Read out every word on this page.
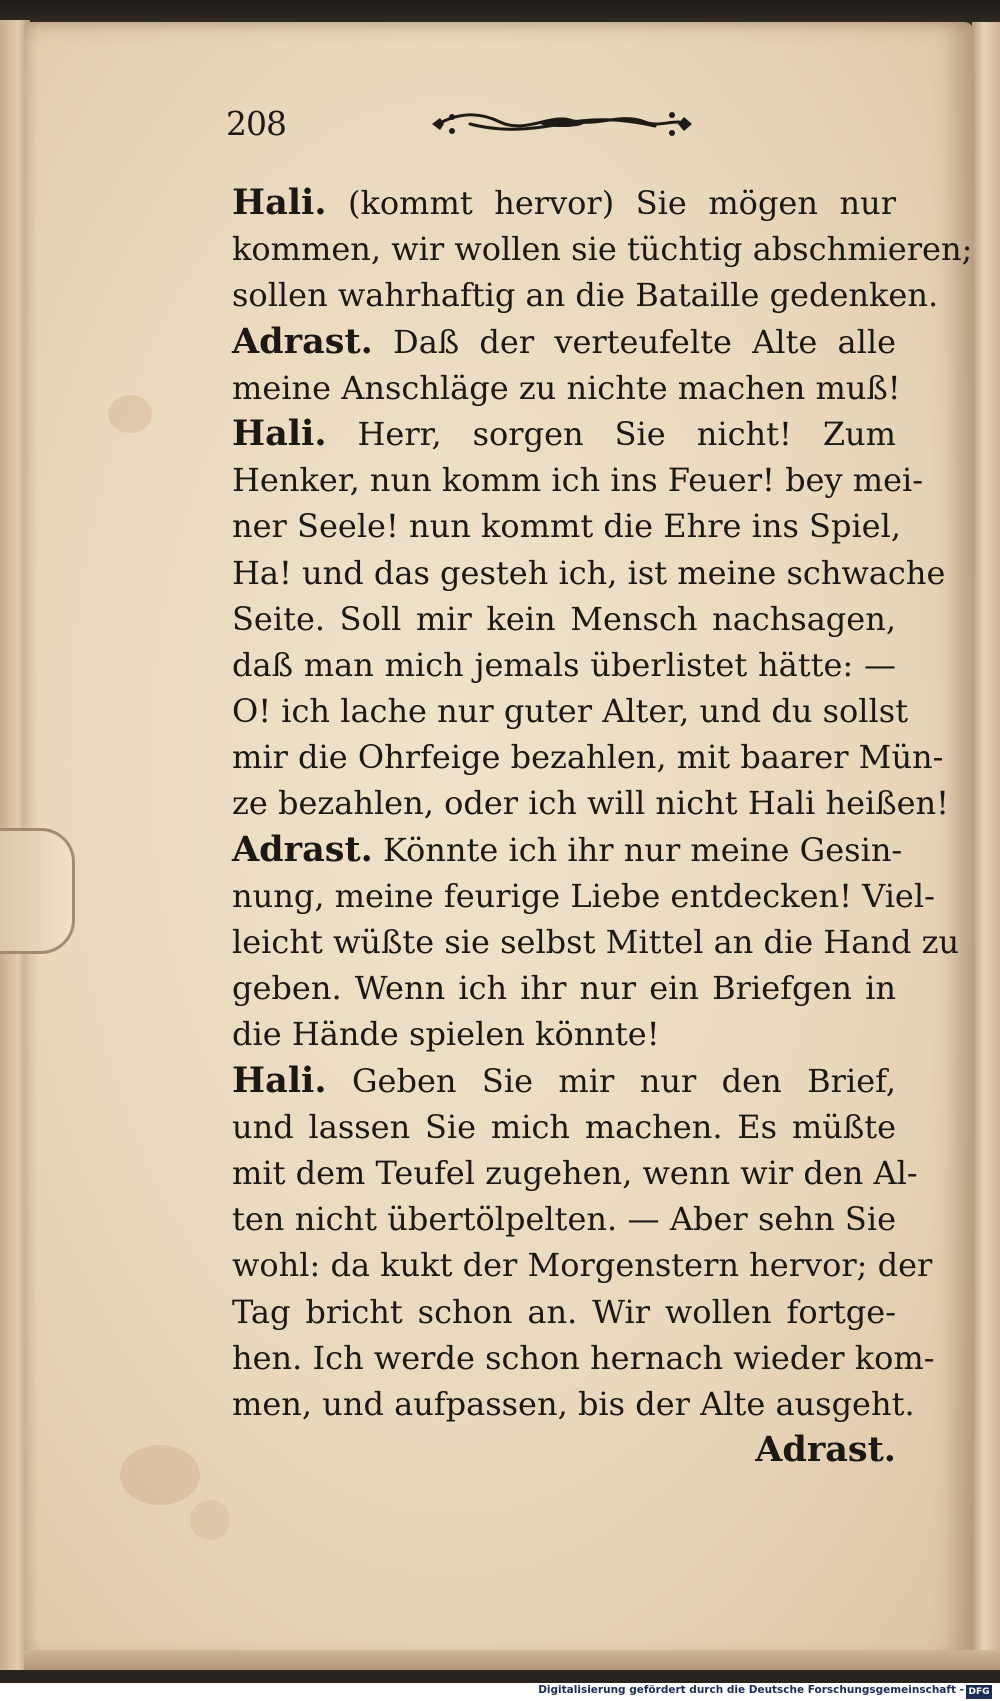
208
Hali. (kommt hervor) Sie mögen nur
kommen, wir wollen sie tüchtig abschmieren;
sollen wahrhaftig an die Bataille gedenken.
Adrast. Daß der verteufelte Alte alle
meine Anschläge zu nichte machen muß!
Hali. Herr, sorgen Sie nicht! Zum
Henker, nun komm ich ins Feuer! bey mei-
ner Seele! nun kommt die Ehre ins Spiel,
Ha! und das gesteh ich, ist meine schwache
Seite. Soll mir kein Mensch nachsagen,
daß man mich jemals überlistet hätte: —
O! ich lache nur guter Alter, und du sollst
mir die Ohrfeige bezahlen, mit baarer Mün-
ze bezahlen, oder ich will nicht Hali heißen!
Adrast. Könnte ich ihr nur meine Gesin-
nung, meine feurige Liebe entdecken! Viel-
leicht wüßte sie selbst Mittel an die Hand zu
geben. Wenn ich ihr nur ein Briefgen in
die Hände spielen könnte!
Hali. Geben Sie mir nur den Brief,
und lassen Sie mich machen. Es müßte
mit dem Teufel zugehen, wenn wir den Al-
ten nicht übertölpelten. — Aber sehn Sie
wohl: da kukt der Morgenstern hervor; der
Tag bricht schon an. Wir wollen fortge-
hen. Ich werde schon hernach wieder kom-
men, und aufpassen, bis der Alte ausgeht.
Adrast.
Digitalisierung gefördert durch die Deutsche Forschungsgemeinschaft - DFG
